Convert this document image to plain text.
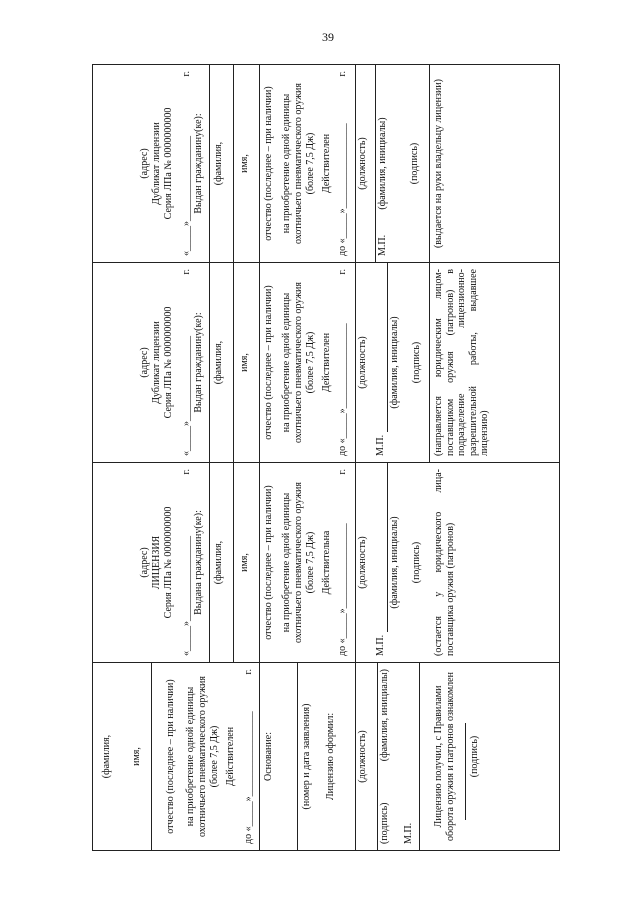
39
(фамилия, имя, отчество (последнее – при наличии) на приобретение одной единицы охотничьего пневматического оружия (более 7,5 Дж) Действителен до «_____»_________________
г.
Основание:	(номер и дата заявления) Лицензию оформил: (должность)
(подпись)
(фамилия, инициалы)
М.П.
Лицензию получил, с Правилами оборота оружия и патронов ознакомлен (подпись)
(адрес) ЛИЦЕНЗИЯ Серия ЛПа № 0000000000 «_____»_________________
г.
Выдана гражданину(ке): (фамилия, имя, отчество (последнее – при наличии) на приобретение одной единицы охотничьего пневматического оружия (более 7,5 Дж) Действительна до «_____»_________________
г.
(должность)
М.П.
(фамилия, инициалы) (подпись) (остается у юридического лица-поставщика оружия (патронов)
(адрес) Дубликат лицензии Серия ЛПа № 0000000000 «_____»_________________
г.
Выдан гражданину(ке): (фамилия, имя, отчество (последнее – при наличии) на приобретение одной единицы охотничьего пневматического оружия (более 7,5 Дж) Действителен до «_____»_________________
г.
(должность)
М.П.
(фамилия, инициалы) (подпись) (направляется юридическим лицом-поставщиком оружия (патронов) в подразделение лицензионно-разрешительной работы, выдавшее лицензию)
(адрес) Дубликат лицензии Серия ЛПа № 0000000000 «_____»_________________
г.
Выдан гражданину(ке): (фамилия, имя, отчество (последнее – при наличии) на приобретение одной единицы охотничьего пневматического оружия (более 7,5 Дж) Действителен до «_____»_________________
г.
(должность)
М.П.
(фамилия, инициалы) (подпись) (выдается на руки владельцу лицензии)
